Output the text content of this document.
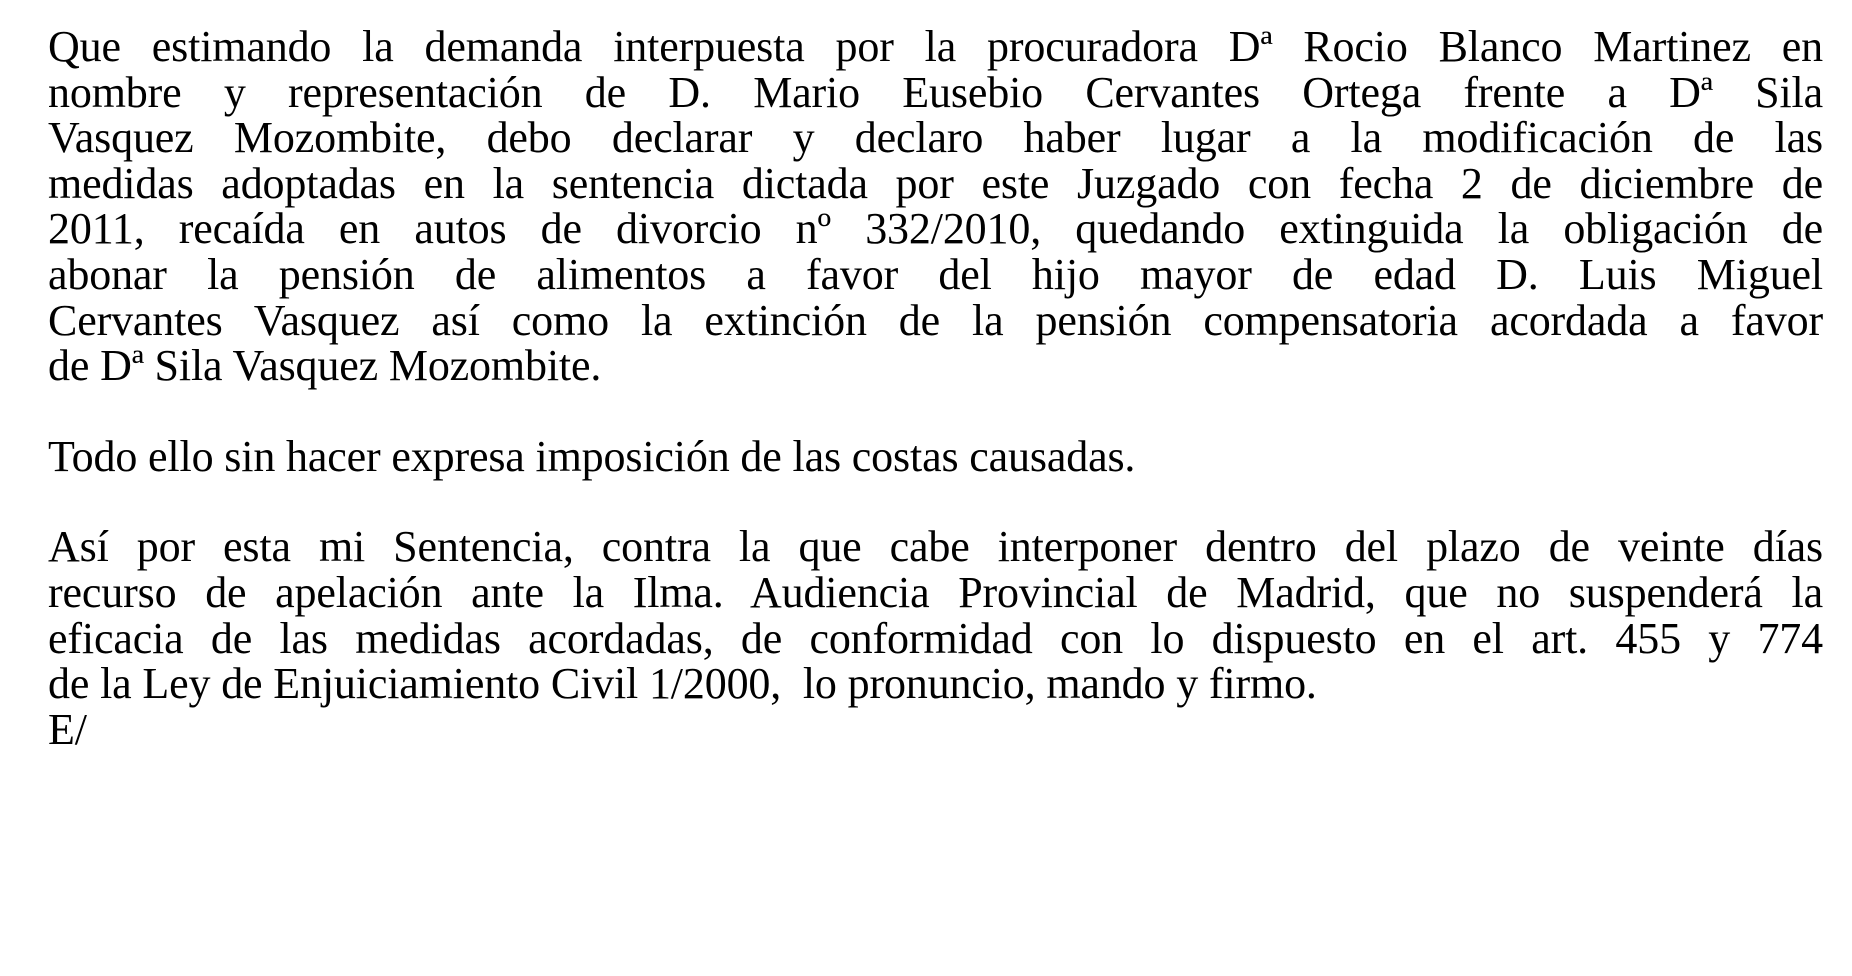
Que estimando la demanda interpuesta por la procuradora Dª Rocio Blanco Martinez en
nombre y representación de D. Mario Eusebio Cervantes Ortega frente a Dª Sila
Vasquez Mozombite, debo declarar y declaro haber lugar a la modificación de las
medidas adoptadas en la sentencia dictada por este Juzgado con fecha 2 de diciembre de
2011, recaída en autos de divorcio nº 332/2010, quedando extinguida la obligación de
abonar la pensión de alimentos a favor del hijo mayor de edad D. Luis Miguel
Cervantes Vasquez así como la extinción de la pensión compensatoria acordada a favor
de Dª Sila Vasquez Mozombite.

Todo ello sin hacer expresa imposición de las costas causadas.

Así por esta mi Sentencia, contra la que cabe interponer dentro del plazo de veinte días
recurso de apelación ante la Ilma. Audiencia Provincial de Madrid, que no suspenderá la
eficacia de las medidas acordadas, de conformidad con lo dispuesto en el art. 455 y 774
de la Ley de Enjuiciamiento Civil 1/2000,  lo pronuncio, mando y firmo.

E/
